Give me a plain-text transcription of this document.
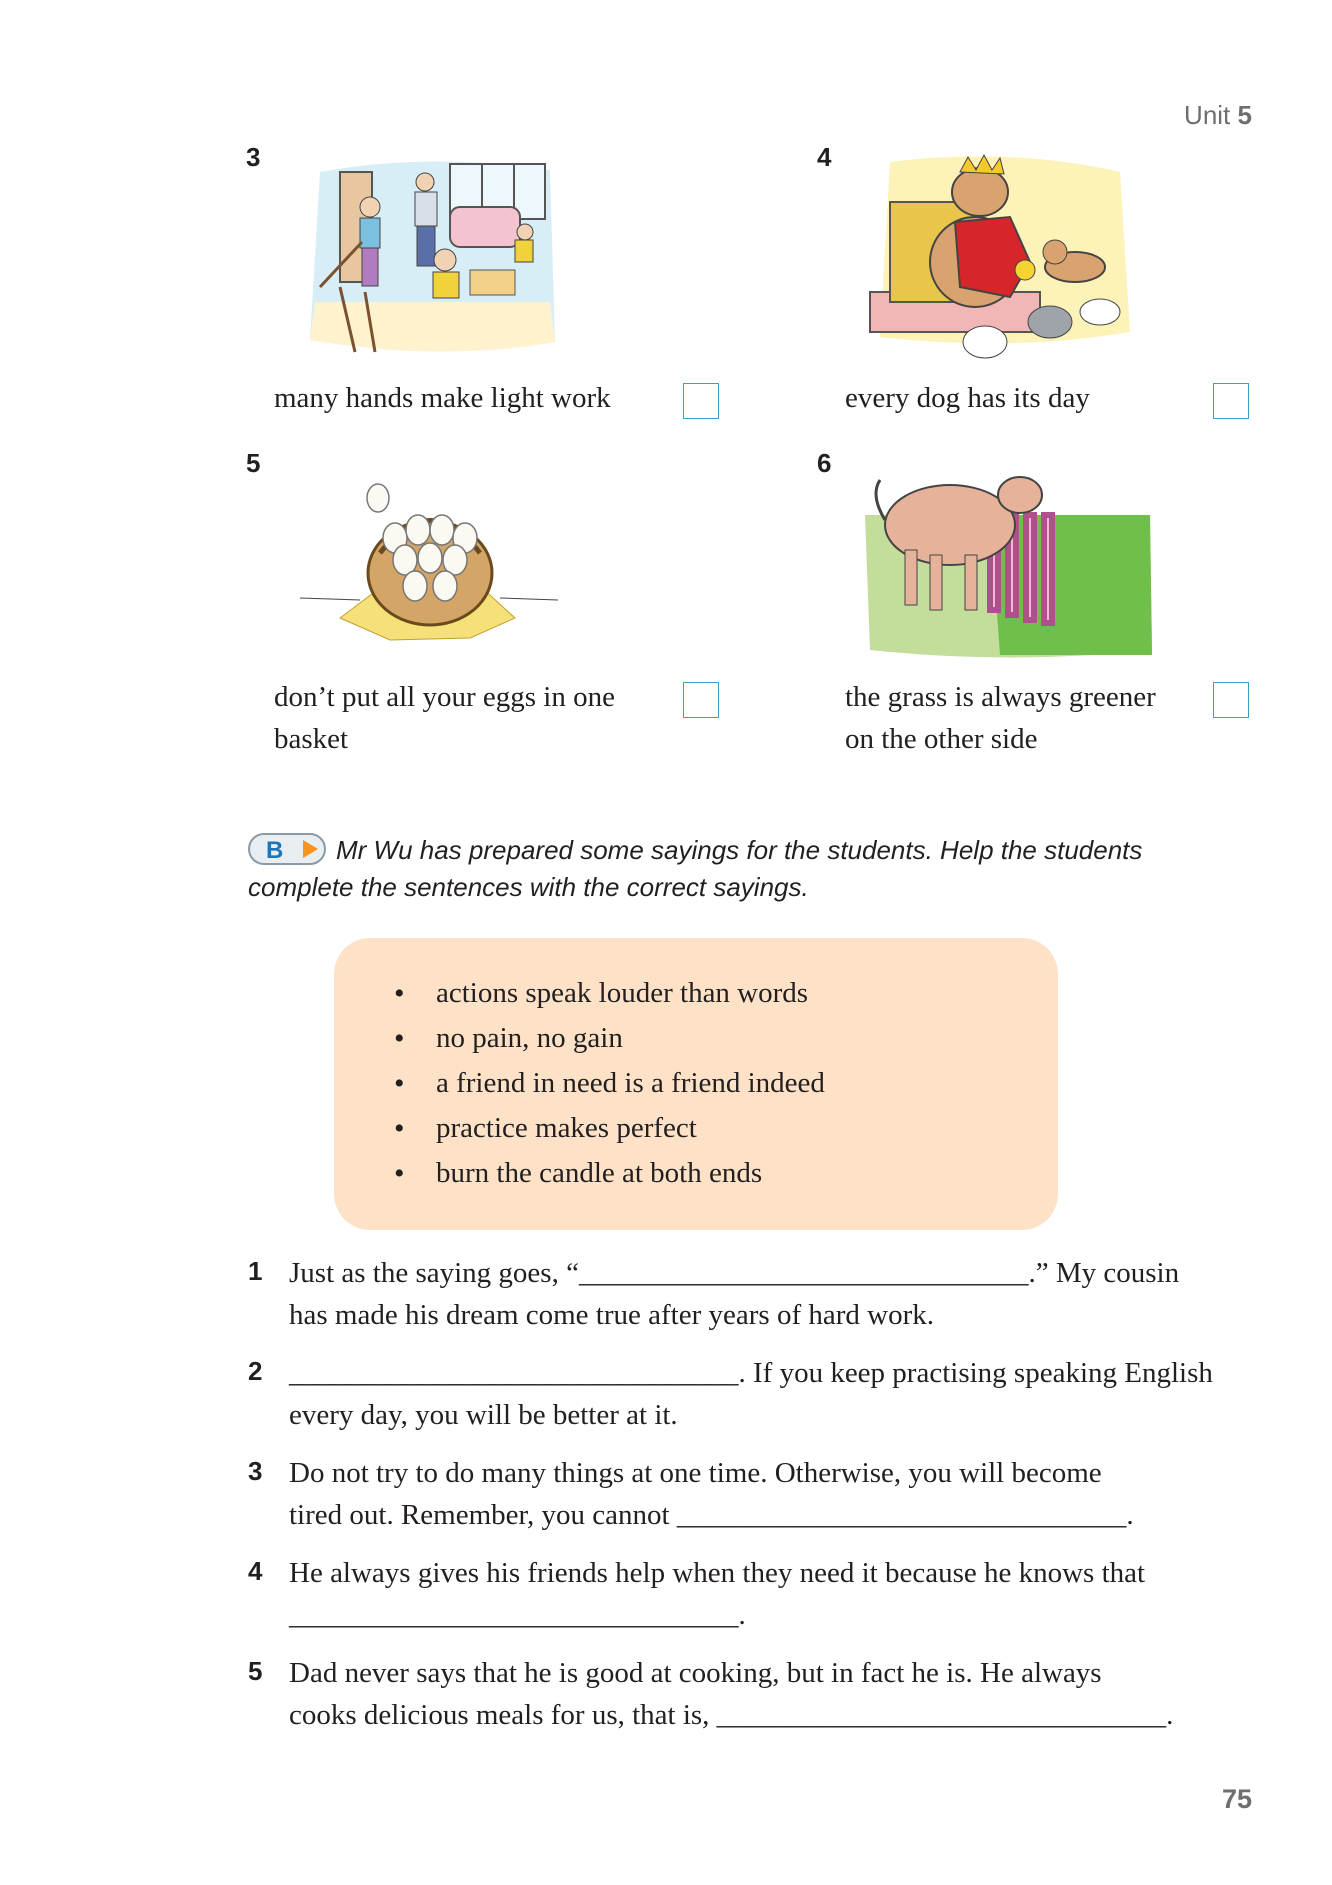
Unit 5
3
many hands make light work
4
every dog has its day
5
don’t put all your eggs in one
basket
6
the grass is always greener
on the other side
B Mr Wu has prepared some sayings for the students. Help the students
complete the sentences with the correct sayings.
• actions speak louder than words
• no pain, no gain
• a friend in need is a friend indeed
• practice makes perfect
• burn the candle at both ends
1 Just as the saying goes, “_______________________________.” My cousin
has made his dream come true after years of hard work.
2 _______________________________. If you keep practising speaking English
every day, you will be better at it.
3 Do not try to do many things at one time. Otherwise, you will become
tired out. Remember, you cannot _______________________________.
4 He always gives his friends help when they need it because he knows that
_______________________________.
5 Dad never says that he is good at cooking, but in fact he is. He always
cooks delicious meals for us, that is, _______________________________.
75
